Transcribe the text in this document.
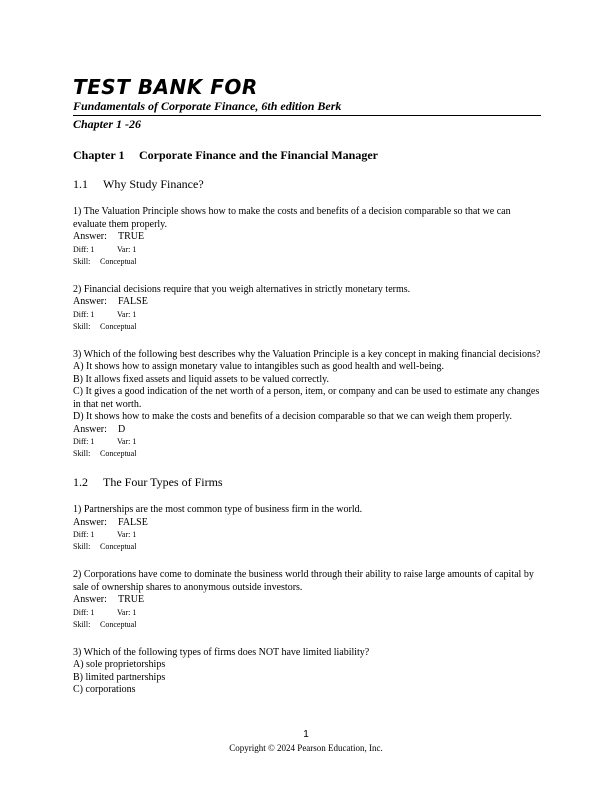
TEST BANK FOR
Fundamentals of Corporate Finance, 6th edition Berk
Chapter 1 -26
Chapter 1 Corporate Finance and the Financial Manager
1.1 Why Study Finance?
1) The Valuation Principle shows how to make the costs and benefits of a decision comparable so that we can evaluate them properly.
Answer: TRUE
Diff: 1	Var: 1
Skill: Conceptual
2) Financial decisions require that you weigh alternatives in strictly monetary terms.
Answer: FALSE
Diff: 1	Var: 1
Skill: Conceptual
3) Which of the following best describes why the Valuation Principle is a key concept in making financial decisions?
A) It shows how to assign monetary value to intangibles such as good health and well-being.
B) It allows fixed assets and liquid assets to be valued correctly.
C) It gives a good indication of the net worth of a person, item, or company and can be used to estimate any changes in that net worth.
D) It shows how to make the costs and benefits of a decision comparable so that we can weigh them properly.
Answer: D
Diff: 1	Var: 1
Skill: Conceptual
1.2 The Four Types of Firms
1) Partnerships are the most common type of business firm in the world.
Answer: FALSE
Diff: 1	Var: 1
Skill: Conceptual
2) Corporations have come to dominate the business world through their ability to raise large amounts of capital by sale of ownership shares to anonymous outside investors.
Answer: TRUE
Diff: 1	Var: 1
Skill: Conceptual
3) Which of the following types of firms does NOT have limited liability?
A) sole proprietorships
B) limited partnerships
C) corporations
1
Copyright © 2024 Pearson Education, Inc.
